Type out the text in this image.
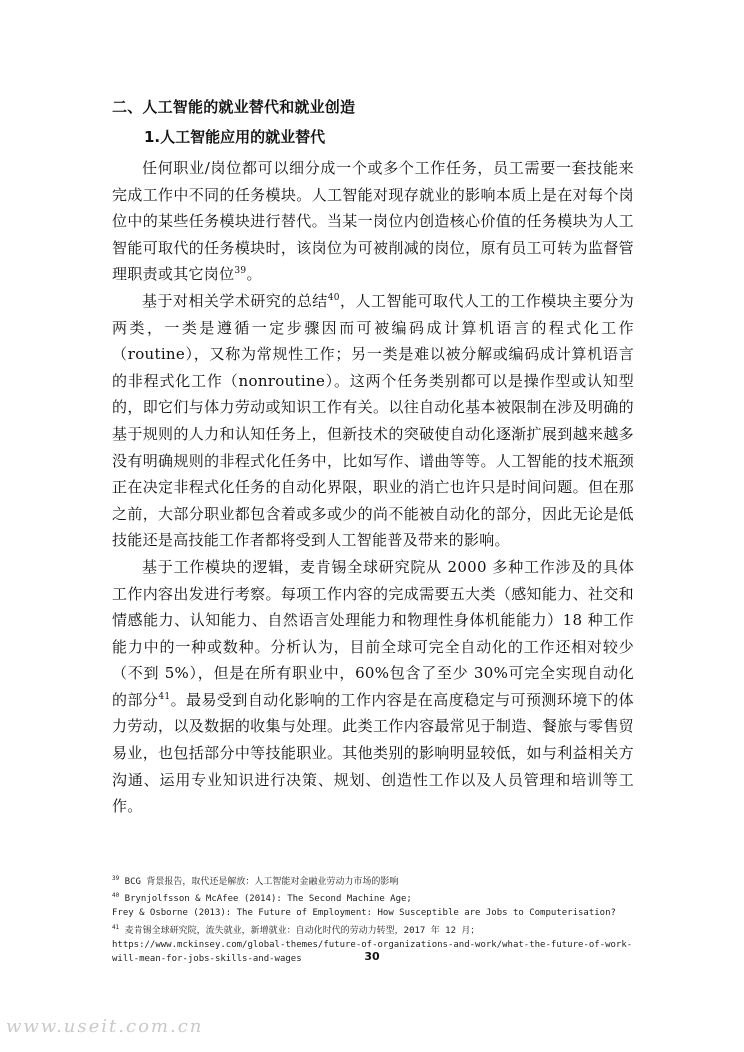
二、人工智能的就业替代和就业创造
1.人工智能应用的就业替代

任何职业/岗位都可以细分成一个或多个工作任务，员工需要一套技能来完成工作中不同的任务模块。人工智能对现存就业的影响本质上是在对每个岗位中的某些任务模块进行替代。当某一岗位内创造核心价值的任务模块为人工智能可取代的任务模块时，该岗位为可被削减的岗位，原有员工可转为监督管理职责或其它岗位$^{39}$。

基于对相关学术研究的总结$^{40}$，人工智能可取代人工的工作模块主要分为两类，一类是遵循一定步骤因而可被编码成计算机语言的程式化工作（routine），又称为常规性工作；另一类是难以被分解或编码成计算机语言的非程式化工作（nonroutine）。这两个任务类别都可以是操作型或认知型的，即它们与体力劳动或知识工作有关。以往自动化基本被限制在涉及明确的基于规则的人力和认知任务上，但新技术的突破使自动化逐渐扩展到越来越多没有明确规则的非程式化任务中，比如写作、谱曲等等。人工智能的技术瓶颈正在决定非程式化任务的自动化界限，职业的消亡也许只是时间问题。但在那之前，大部分职业都包含着或多或少的尚不能被自动化的部分，因此无论是低技能还是高技能工作者都将受到人工智能普及带来的影响。

基于工作模块的逻辑，麦肯锡全球研究院从 2000 多种工作涉及的具体工作内容出发进行考察。每项工作内容的完成需要五大类（感知能力、社交和情感能力、认知能力、自然语言处理能力和物理性身体机能能力）18 种工作能力中的一种或数种。分析认为，目前全球可完全自动化的工作还相对较少（不到 5%），但是在所有职业中，60%包含了至少 30%可完全实现自动化的部分$^{41}$。最易受到自动化影响的工作内容是在高度稳定与可预测环境下的体力劳动，以及数据的收集与处理。此类工作内容最常见于制造、餐旅与零售贸易业，也包括部分中等技能职业。其他类别的影响明显较低，如与利益相关方沟通、运用专业知识进行决策、规划、创造性工作以及人员管理和培训等工作。

$^{39}$ BCG 背景报告，取代还是解放：人工智能对金融业劳动力市场的影响

$^{40}$ Brynjolfsson & McAfee (2014): The Second Machine Age;

Frey & Osborne (2013): The Future of Employment: How Susceptible are Jobs to Computerisation?

$^{41}$ 麦肯锡全球研究院，流失就业，新增就业：自动化时代的劳动力转型，2017 年 12 月；

https://www.mckinsey.com/global-themes/future-of-organizations-and-work/what-the-future-of-work-will-mean-for-jobs-skills-and-wages	30
www.useit.com.cn
